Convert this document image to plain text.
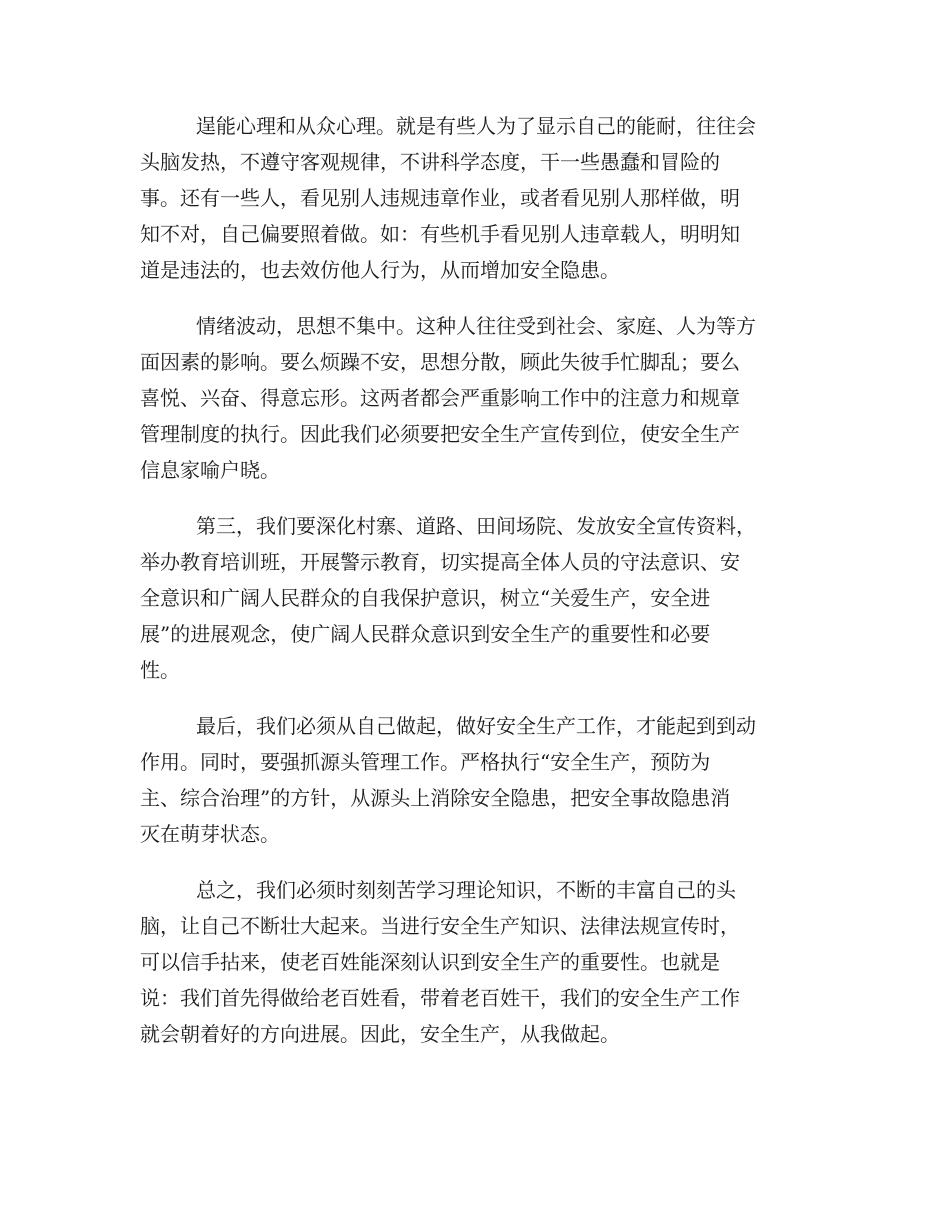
逞能心理和从众心理。就是有些人为了显示自己的能耐，往往会
头脑发热，不遵守客观规律，不讲科学态度，干一些愚蠢和冒险的
事。还有一些人，看见别人违规违章作业，或者看见别人那样做，明
知不对，自己偏要照着做。如：有些机手看见别人违章载人，明明知
道是违法的，也去效仿他人行为，从而增加安全隐患。

情绪波动，思想不集中。这种人往往受到社会、家庭、人为等方
面因素的影响。要么烦躁不安，思想分散，顾此失彼手忙脚乱；要么
喜悦、兴奋、得意忘形。这两者都会严重影响工作中的注意力和规章
管理制度的执行。因此我们必须要把安全生产宣传到位，使安全生产
信息家喻户晓。

第三，我们要深化村寨、道路、田间场院、发放安全宣传资料，
举办教育培训班，开展警示教育，切实提高全体人员的守法意识、安
全意识和广阔人民群众的自我保护意识，树立“关爱生产，安全进
展”的进展观念，使广阔人民群众意识到安全生产的重要性和必要
性。

最后，我们必须从自己做起，做好安全生产工作，才能起到到动
作用。同时，要强抓源头管理工作。严格执行“安全生产，预防为
主、综合治理”的方针，从源头上消除安全隐患，把安全事故隐患消
灭在萌芽状态。

总之，我们必须时刻刻苦学习理论知识，不断的丰富自己的头
脑，让自己不断壮大起来。当进行安全生产知识、法律法规宣传时，
可以信手拈来，使老百姓能深刻认识到安全生产的重要性。也就是
说：我们首先得做给老百姓看，带着老百姓干，我们的安全生产工作
就会朝着好的方向进展。因此，安全生产，从我做起。
